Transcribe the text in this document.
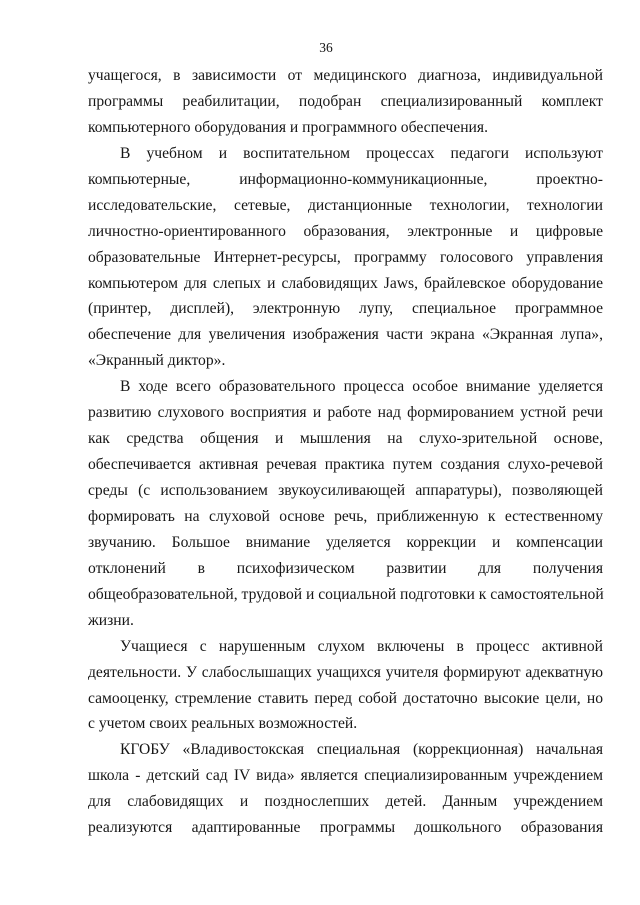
36
учащегося, в зависимости от медицинского диагноза, индивидуальной
программы реабилитации, подобран специализированный комплект
компьютерного оборудования и программного обеспечения.
В учебном и воспитательном процессах педагоги используют
компьютерные, информационно-коммуникационные, проектно-
исследовательские, сетевые, дистанционные технологии, технологии
личностно-ориентированного образования, электронные и цифровые
образовательные Интернет-ресурсы, программу голосового управления
компьютером для слепых и слабовидящих Jaws, брайлевское оборудование
(принтер, дисплей), электронную лупу, специальное программное
обеспечение для увеличения изображения части экрана «Экранная лупа»,
«Экранный диктор».
В ходе всего образовательного процесса особое внимание уделяется
развитию слухового восприятия и работе над формированием устной речи
как средства общения и мышления на слухо-зрительной основе,
обеспечивается активная речевая практика путем создания слухо-речевой
среды (с использованием звукоусиливающей аппаратуры), позволяющей
формировать на слуховой основе речь, приближенную к естественному
звучанию. Большое внимание уделяется коррекции и компенсации
отклонений в психофизическом развитии для получения
общеобразовательной, трудовой и социальной подготовки к самостоятельной
жизни.
Учащиеся с нарушенным слухом включены в процесс активной
деятельности. У слабослышащих учащихся учителя формируют адекватную
самооценку, стремление ставить перед собой достаточно высокие цели, но
с учетом своих реальных возможностей.
КГОБУ «Владивостокская специальная (коррекционная) начальная
школа - детский сад IV вида» является специализированным учреждением
для слабовидящих и позднослепших детей. Данным учреждением
реализуются адаптированные программы дошкольного образования
